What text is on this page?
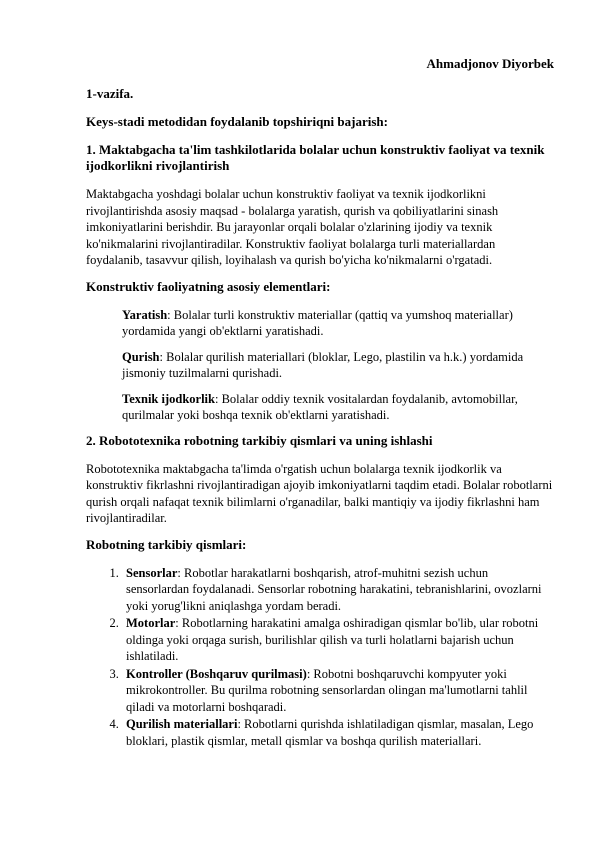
Ahmadjonov Diyorbek

1-vazifa.

Keys-stadi metodidan foydalanib topshiriqni bajarish:

1. Maktabgacha ta'lim tashkilotlarida bolalar uchun konstruktiv faoliyat va texnik ijodkorlikni rivojlantirish

Maktabgacha yoshdagi bolalar uchun konstruktiv faoliyat va texnik ijodkorlikni rivojlantirishda asosiy maqsad - bolalarga yaratish, qurish va qobiliyatlarini sinash imkoniyatlarini berishdir. Bu jarayonlar orqali bolalar o'zlarining ijodiy va texnik ko'nikmalarini rivojlantiradilar. Konstruktiv faoliyat bolalarga turli materiallardan foydalanib, tasavvur qilish, loyihalash va qurish bo'yicha ko'nikmalarni o'rgatadi.

Konstruktiv faoliyatning asosiy elementlari:

Yaratish: Bolalar turli konstruktiv materiallar (qattiq va yumshoq materiallar) yordamida yangi ob'ektlarni yaratishadi.

Qurish: Bolalar qurilish materiallari (bloklar, Lego, plastilin va h.k.) yordamida jismoniy tuzilmalarni qurishadi.

Texnik ijodkorlik: Bolalar oddiy texnik vositalardan foydalanib, avtomobillar, qurilmalar yoki boshqa texnik ob'ektlarni yaratishadi.

2. Robototexnika robotning tarkibiy qismlari va uning ishlashi

Robototexnika maktabgacha ta'limda o'rgatish uchun bolalarga texnik ijodkorlik va konstruktiv fikrlashni rivojlantiradigan ajoyib imkoniyatlarni taqdim etadi. Bolalar robotlarni qurish orqali nafaqat texnik bilimlarni o'rganadilar, balki mantiqiy va ijodiy fikrlashni ham rivojlantiradilar.

Robotning tarkibiy qismlari:

1. Sensorlar: Robotlar harakatlarni boshqarish, atrof-muhitni sezish uchun sensorlardan foydalanadi. Sensorlar robotning harakatini, tebranishlarini, ovozlarni yoki yorug'likni aniqlashga yordam beradi.
2. Motorlar: Robotlarning harakatini amalga oshiradigan qismlar bo'lib, ular robotni oldinga yoki orqaga surish, burilishlar qilish va turli holatlarni bajarish uchun ishlatiladi.
3. Kontroller (Boshqaruv qurilmasi): Robotni boshqaruvchi kompyuter yoki mikrokontroller. Bu qurilma robotning sensorlardan olingan ma'lumotlarni tahlil qiladi va motorlarni boshqaradi.
4. Qurilish materiallari: Robotlarni qurishda ishlatiladigan qismlar, masalan, Lego bloklari, plastik qismlar, metall qismlar va boshqa qurilish materiallari.
